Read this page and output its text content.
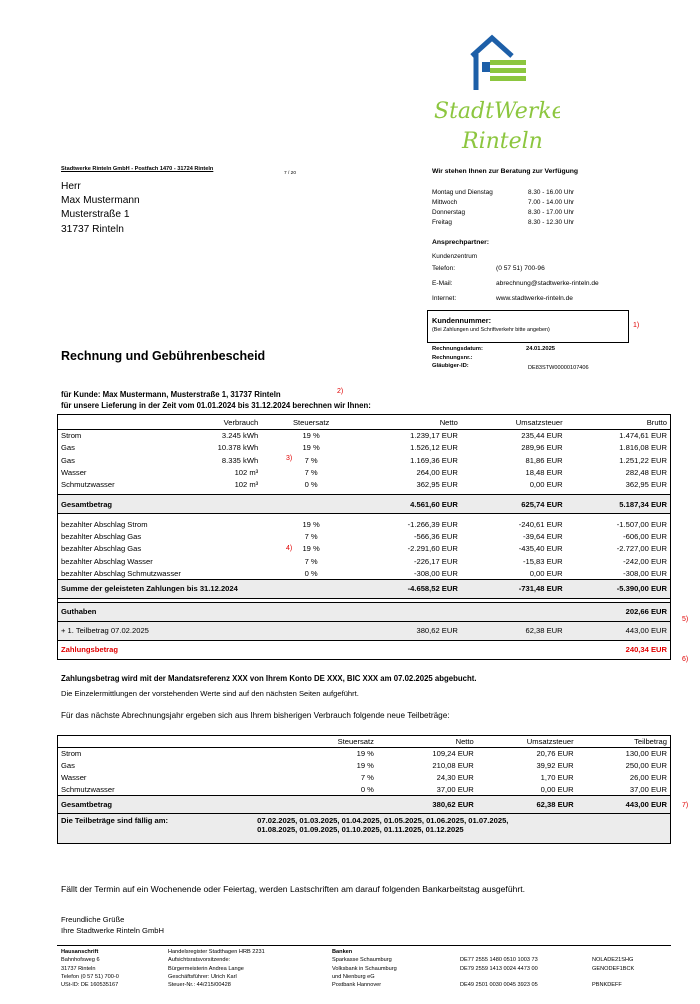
StadtWerke
Rinteln
Stadtwerke Rinteln GmbH - Postfach 1470 - 31724 Rinteln
7 / 20
Herr
Max Mustermann
Musterstraße 1
31737 Rinteln
Wir stehen Ihnen zur Beratung zur Verfügung
Montag und Dienstag	8.30 - 16.00 Uhr
Mittwoch	7.00 - 14.00 Uhr
Donnerstag	8.30 - 17.00 Uhr
Freitag	8.30 - 12.30 Uhr
Ansprechpartner:
Kundenzentrum
Telefon:	(0 57 51) 700-96
E-Mail:	abrechnung@stadtwerke-rinteln.de
Internet:	www.stadtwerke-rinteln.de
Kundennummer:
(Bei Zahlungen und Schriftverkehr bitte angeben)
1)
Rechnungsdatum:	24.01.2025
Rechnungsnr.:
Gläubiger-ID:	DE83STW00000107406
Rechnung und Gebührenbescheid
für Kunde: Max Mustermann, Musterstraße 1, 31737 Rinteln	2)
für unsere Lieferung in der Zeit vom 01.01.2024 bis 31.12.2024 berechnen wir Ihnen:
	Verbrauch	Steuersatz	Netto	Umsatzsteuer	Brutto
Strom	3.245 kWh	19 %	1.239,17 EUR	235,44 EUR	1.474,61 EUR
Gas	10.378 kWh	19 %	1.526,12 EUR	289,96 EUR	1.816,08 EUR
Gas	8.335 kWh	7 %	1.169,36 EUR	81,86 EUR	1.251,22 EUR
Wasser	102 m³	7 %	264,00 EUR	18,48 EUR	282,48 EUR
Schmutzwasser	102 m³	0 %	362,95 EUR	0,00 EUR	362,95 EUR

Gesamtbetrag			4.561,60 EUR	625,74 EUR	5.187,34 EUR

bezahlter Abschlag Strom		19 %	-1.266,39 EUR	-240,61 EUR	-1.507,00 EUR
bezahlter Abschlag Gas		7 %	-566,36 EUR	-39,64 EUR	-606,00 EUR
bezahlter Abschlag Gas		19 %	-2.291,60 EUR	-435,40 EUR	-2.727,00 EUR
bezahlter Abschlag Wasser		7 %	-226,17 EUR	-15,83 EUR	-242,00 EUR
bezahlter Abschlag Schmutzwasser		0 %	-308,00 EUR	0,00 EUR	-308,00 EUR
Summe der geleisteten Zahlungen bis 31.12.2024			-4.658,52 EUR	-731,48 EUR	-5.390,00 EUR

Guthaben					202,66 EUR
+ 1. Teilbetrag 07.02.2025			380,62 EUR	62,38 EUR	443,00 EUR
Zahlungsbetrag					240,34 EUR
3)
4)
5)
6)
Zahlungsbetrag wird mit der Mandatsreferenz XXX von Ihrem Konto DE XXX, BIC XXX am 07.02.2025 abgebucht.
Die Einzelermittlungen der vorstehenden Werte sind auf den nächsten Seiten aufgeführt.
Für das nächste Abrechnungsjahr ergeben sich aus Ihrem bisherigen Verbrauch folgende neue Teilbeträge:
	Steuersatz	Netto	Umsatzsteuer	Teilbetrag
Strom	19 %	109,24 EUR	20,76 EUR	130,00 EUR
Gas	19 %	210,08 EUR	39,92 EUR	250,00 EUR
Wasser	7 %	24,30 EUR	1,70 EUR	26,00 EUR
Schmutzwasser	0 %	37,00 EUR	0,00 EUR	37,00 EUR
Gesamtbetrag		380,62 EUR	62,38 EUR	443,00 EUR
Die Teilbeträge sind fällig am:	07.02.2025, 01.03.2025, 01.04.2025, 01.05.2025, 01.06.2025, 01.07.2025,
01.08.2025, 01.09.2025, 01.10.2025, 01.11.2025, 01.12.2025			
7)
Fällt der Termin auf ein Wochenende oder Feiertag, werden Lastschriften am darauf folgenden Bankarbeitstag ausgeführt.
Freundliche Grüße
Ihre Stadtwerke Rinteln GmbH
Hausanschrift
Bahnhofsweg 6
31737 Rinteln
Telefon (0 57 51) 700-0
USt-ID: DE 160535167
Handelsregister Stadthagen HRB 2231
Aufsichtsratsvorsitzende:
Bürgermeisterin Andrea Lange
Geschäftsführer: Ulrich Karl
Steuer-Nr.: 44/215/00428
Banken
Sparkasse Schaumburg
Volksbank in Schaumburg
und Nienburg eG
Postbank Hannover

DE77 2555 1480 0510 1003 73
DE79 2559 1413 0024 4473 00

DE49 2501 0030 0045 3923 05

NOLADE21SHG
GENODEF1BCK

PBNKDEFF
